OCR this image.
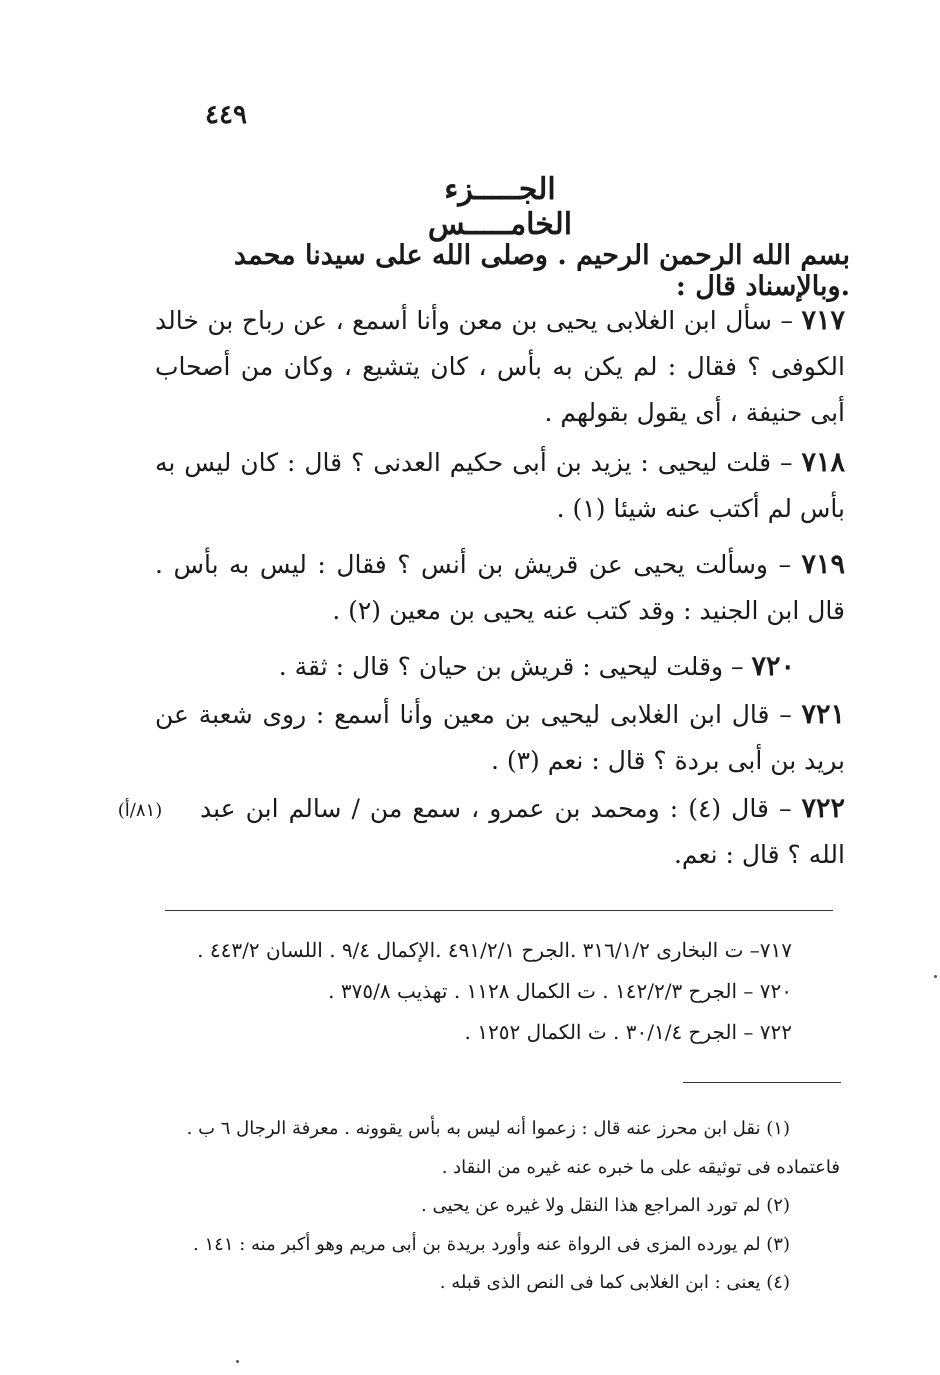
٤٤٩
الجـــــزء الخامـــــس
بسم الله الرحمن الرحيم . وصلى الله على سيدنا محمد .وبالإسناد قال :

٧١٧ – سأل ابن الغلابى يحيى بن معن وأنا أسمع ، عن رباح بن خالد الكوفى ؟ فقال : لم يكن به بأس ، كان يتشيع ، وكان من أصحاب أبى حنيفة ، أى يقول بقولهم .

٧١٨ – قلت ليحيى : يزيد بن أبى حكيم العدنى ؟ قال : كان ليس به بأس لم أكتب عنه شيئا (١) .

٧١٩ – وسألت يحيى عن قريش بن أنس ؟ فقال : ليس به بأس . قال ابن الجنيد : وقد كتب عنه يحيى بن معين (٢) .

٧٢٠ – وقلت ليحيى : قريش بن حيان ؟ قال : ثقة .

٧٢١ – قال ابن الغلابى ليحيى بن معين وأنا أسمع : روى شعبة عن بريد بن أبى بردة ؟ قال : نعم (٣) .

٧٢٢ – قال (٤) : ومحمد بن عمرو ، سمع من / سالم ابن عبد الله ؟ قال : نعم.

(٨١/أ)
٧١٧– ت البخارى ٣١٦/١/٢ .الجرح ٤٩١/٢/١ .الإكمال ٩/٤ . اللسان ٤٤٣/٢ .
٧٢٠ – الجرح ١٤٢/٢/٣ . ت الكمال ١١٢٨ . تهذيب ٣٧٥/٨ .
٧٢٢ – الجرح ٣٠/١/٤ . ت الكمال ١٢٥٢ .
(١) نقل ابن محرز عنه قال : زعموا أنه ليس به بأس يقوونه . معرفة الرجال ٦ ب .
فاعتماده فى توثيقه على ما خبره عنه غيره من النقاد .
(٢) لم تورد المراجع هذا النقل ولا غيره عن يحيى .
(٣) لم يورده المزى فى الرواة عنه وأورد بريدة بن أبى مريم وهو أكبر منه : ١٤١ .
(٤) يعنى : ابن الغلابى كما فى النص الذى قبله .
